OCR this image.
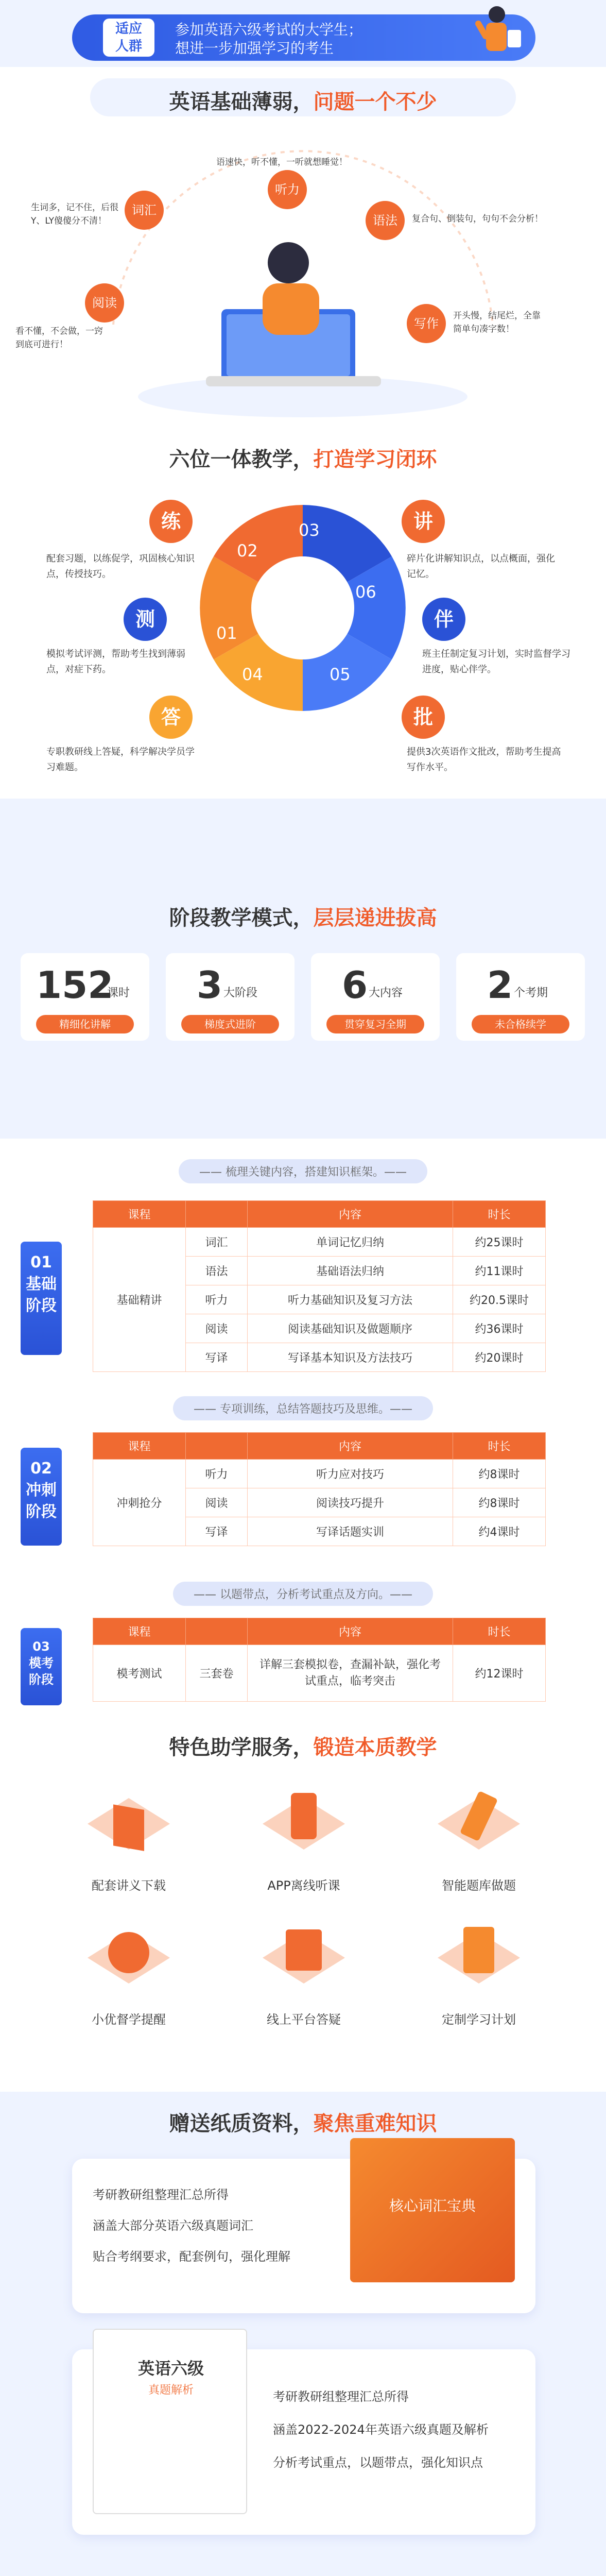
适应
人群
参加英语六级考试的大学生；
想进一步加强学习的考生
英语基础薄弱，问题一个不少
词汇
生词多，记不住，后很Y、LY傻傻分不清！
听力
语速快，听不懂，一听就想睡觉！
语法	复合句、倒装句，句句不会分析！
写作
开头慢，结尾烂，全靠简单句凑字数！
阅读
看不懂，不会做，一窍到底可进行！
六位一体教学，打造学习闭环
02
06
01
03
04	05
练
配套习题，以练促学，巩固核心知识点，传授技巧。
讲
碎片化讲解知识点，以点概面，强化记忆。
测
模拟考试评测，帮助考生找到薄弱点，对症下药。
伴
班主任制定复习计划，实时监督学习进度，贴心伴学。
答
专职教研线上答疑，科学解决学员学习难题。
批
提供3次英语作文批改，帮助考生提高写作水平。
阶段教学模式，层层递进拔高
152
课时
精细化讲解
3 大阶段
梯度式进阶
6 大内容
贯穿复习全期
2 个考期
未合格续学
—— 梳理关键内容，搭建知识框架。——
01
基础
阶段
课程		内容	时长
基础精讲	词汇	单词记忆归纳	约25课时
	语法	基础语法归纳	约11课时
	听力	听力基础知识及复习方法	约20.5课时
	阅读	阅读基础知识及做题顺序	约36课时
	写译	写译基本知识及方法技巧	约20课时
—— 专项训练，总结答题技巧及思维。——
02
冲刺
阶段
课程		内容	时长
冲刺抢分	听力	听力应对技巧	约8课时
	阅读	阅读技巧提升	约8课时
	写译	写译话题实训	约4课时
—— 以题带点，分析考试重点及方向。——
03
模考
阶段
课程		内容	时长
模考测试	三套卷	详解三套模拟卷，查漏补缺，强化考试重点，临考突击	约12课时
特色助学服务，锻造本质教学
配套讲义下载	APP离线听课	智能题库做题
小优督学提醒	线上平台答疑	定制学习计划
赠送纸质资料，聚焦重难知识
考研教研组整理汇总所得
涵盖大部分英语六级真题词汇
贴合考纲要求，配套例句，强化理解
核心词汇宝典
英语六级
真题解析	考研教研组整理汇总所得
涵盖2022-2024年英语六级真题及解析
分析考试重点，以题带点，强化知识点
